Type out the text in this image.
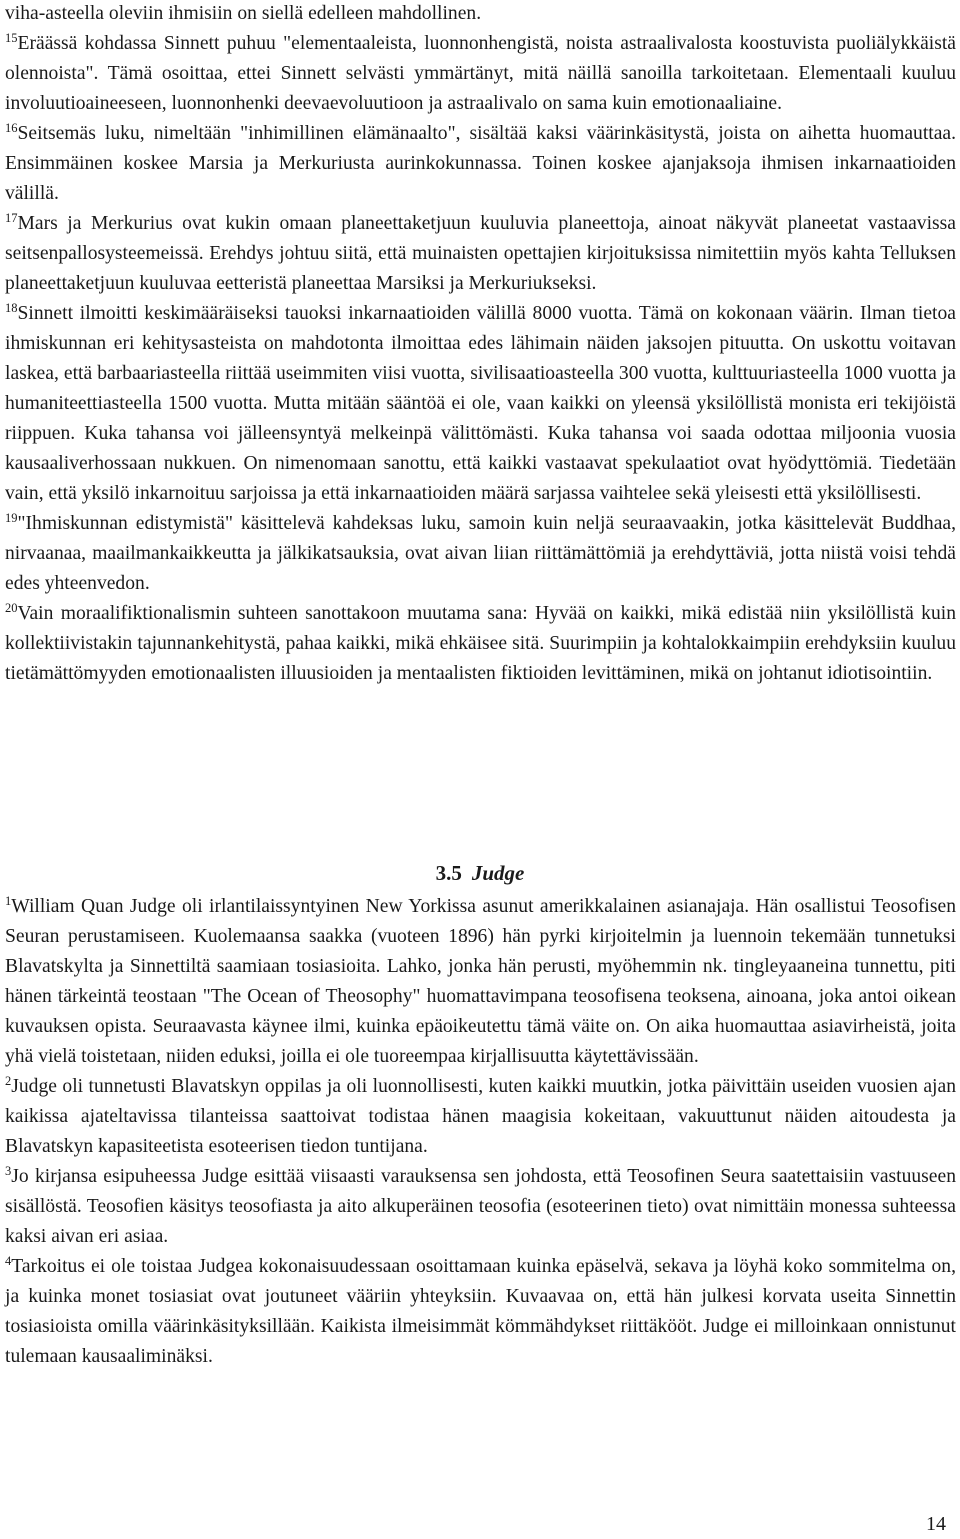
viha-asteella oleviin ihmisiin on siellä edelleen mahdollinen.

$^{15}$Eräässä kohdassa Sinnett puhuu "elementaaleista, luonnonhengistä, noista astraalivalosta koostuvista puoliälykkäistä olennoista". Tämä osoittaa, ettei Sinnett selvästi ymmärtänyt, mitä näillä sanoilla tarkoitetaan. Elementaali kuuluu involuutioaineeseen, luonnonhenki deevaevoluutioon ja astraalivalo on sama kuin emotionaaliaine.

$^{16}$Seitsemäs luku, nimeltään "inhimillinen elämänaalto", sisältää kaksi väärinkäsitystä, joista on aihetta huomauttaa. Ensimmäinen koskee Marsia ja Merkuriusta aurinkokunnassa. Toinen koskee ajanjaksoja ihmisen inkarnaatioiden välillä.

$^{17}$Mars ja Merkurius ovat kukin omaan planeettaketjuun kuuluvia planeettoja, ainoat näkyvät planeetat vastaavissa seitsenpallosysteemeissä. Erehdys johtuu siitä, että muinaisten opettajien kirjoituksissa nimitettiin myös kahta Telluksen planeettaketjuun kuuluvaa eetteristä planeettaa Marsiksi ja Merkuriukseksi.

$^{18}$Sinnett ilmoitti keskimääräiseksi tauoksi inkarnaatioiden välillä 8000 vuotta. Tämä on kokonaan väärin. Ilman tietoa ihmiskunnan eri kehitysasteista on mahdotonta ilmoittaa edes lähimain näiden jaksojen pituutta. On uskottu voitavan laskea, että barbaariasteella riittää useimmiten viisi vuotta, sivilisaatioasteella 300 vuotta, kulttuuriasteella 1000 vuotta ja humaniteettiasteella 1500 vuotta. Mutta mitään sääntöä ei ole, vaan kaikki on yleensä yksilöllistä monista eri tekijöistä riippuen. Kuka tahansa voi jälleensyntyä melkeinpä välittömästi. Kuka tahansa voi saada odottaa miljoonia vuosia kausaaliverhossaan nukkuen. On nimenomaan sanottu, että kaikki vastaavat spekulaatiot ovat hyödyttömiä. Tiedetään vain, että yksilö inkarnoituu sarjoissa ja että inkarnaatioiden määrä sarjassa vaihtelee sekä yleisesti että yksilöllisesti.

$^{19}$"Ihmiskunnan edistymistä" käsittelevä kahdeksas luku, samoin kuin neljä seuraavaakin, jotka käsittelevät Buddhaa, nirvaanaa, maailmankaikkeutta ja jälkikatsauksia, ovat aivan liian riittämättömiä ja erehdyttäviä, jotta niistä voisi tehdä edes yhteenvedon.

$^{20}$Vain moraalifiktionalismin suhteen sanottakoon muutama sana: Hyvää on kaikki, mikä edistää niin yksilöllistä kuin kollektiivistakin tajunnankehitystä, pahaa kaikki, mikä ehkäisee sitä. Suurimpiin ja kohtalokkaimpiin erehdyksiin kuuluu tietämättömyyden emotionaalisten illuusioiden ja mentaalisten fiktioiden levittäminen, mikä on johtanut idiotisointiin.

3.5 Judge

$^1$William Quan Judge oli irlantilaissyntyinen New Yorkissa asunut amerikkalainen asianajaja. Hän osallistui Teosofisen Seuran perustamiseen. Kuolemaansa saakka (vuoteen 1896) hän pyrki kirjoitelmin ja luennoin tekemään tunnetuksi Blavatskylta ja Sinnettiltä saamiaan tosiasioita. Lahko, jonka hän perusti, myöhemmin nk. tingleyaaneina tunnettu, piti hänen tärkeintä teostaan "The Ocean of Theosophy" huomattavimpana teosofisena teoksena, ainoana, joka antoi oikean kuvauksen opista. Seuraavasta käynee ilmi, kuinka epäoikeutettu tämä väite on. On aika huomauttaa asiavirheistä, joita yhä vielä toistetaan, niiden eduksi, joilla ei ole tuoreempaa kirjallisuutta käytettävissään.

$^2$Judge oli tunnetusti Blavatskyn oppilas ja oli luonnollisesti, kuten kaikki muutkin, jotka päivittäin useiden vuosien ajan kaikissa ajateltavissa tilanteissa saattoivat todistaa hänen maagisia kokeitaan, vakuuttunut näiden aitoudesta ja Blavatskyn kapasiteetista esoteerisen tiedon tuntijana.

$^3$Jo kirjansa esipuheessa Judge esittää viisaasti varauksensa sen johdosta, että Teosofinen Seura saatettaisiin vastuuseen sisällöstä. Teosofien käsitys teosofiasta ja aito alkuperäinen teosofia (esoteerinen tieto) ovat nimittäin monessa suhteessa kaksi aivan eri asiaa.

$^4$Tarkoitus ei ole toistaa Judgea kokonaisuudessaan osoittamaan kuinka epäselvä, sekava ja löyhä koko sommitelma on, ja kuinka monet tosiasiat ovat joutuneet vääriin yhteyksiin. Kuvaavaa on, että hän julkesi korvata useita Sinnettin tosiasioista omilla väärinkäsityksillään. Kaikista ilmeisimmät kömmähdykset riittäkööt. Judge ei milloinkaan onnistunut tulemaan kausaaliminäksi.

14
